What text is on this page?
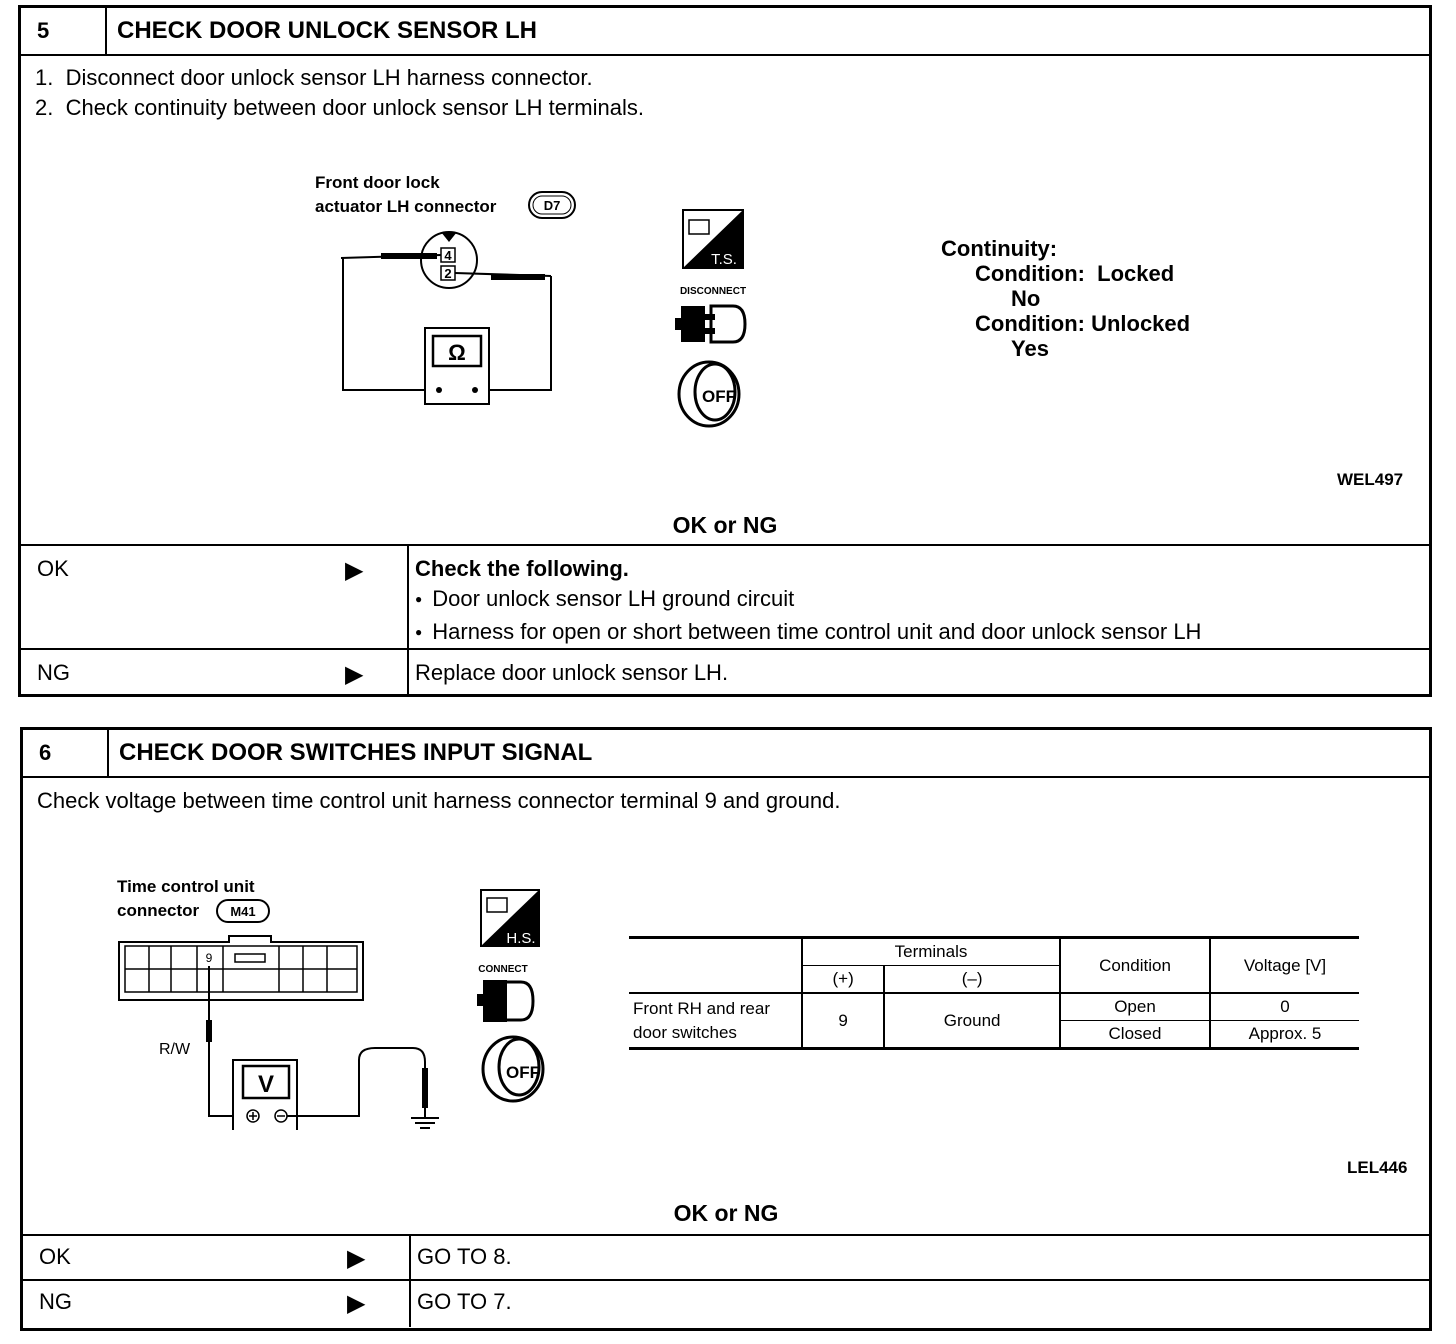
5	CHECK DOOR UNLOCK SENSOR LH
1.  Disconnect door unlock sensor LH harness connector.
2.  Check continuity between door unlock sensor LH terminals.
Front door lock
actuator LH connector	D7
4
2
Ω
T.S.
DISCONNECT
OFF
Continuity:
Condition:  Locked
No
Condition: Unlocked
Yes
WEL497
OK or NG
OK	▶ Check the following.
● Door unlock sensor LH ground circuit
● Harness for open or short between time control unit and door unlock sensor LH
NG	▶ Replace door unlock sensor LH.
6	CHECK DOOR SWITCHES INPUT SIGNAL
Check voltage between time control unit harness connector terminal 9 and ground.
Time control unit
connector M41
9
R/W
V
H.S.
CONNECT
OFF
	Terminals		Condition	Voltage [V]
	(+)	(–)		

Front RH and rear
door switches	9	Ground	Open	0
			Closed	Approx. 5
LEL446
OK or NG
OK	▶ GO TO 8.
NG	▶ GO TO 7.
